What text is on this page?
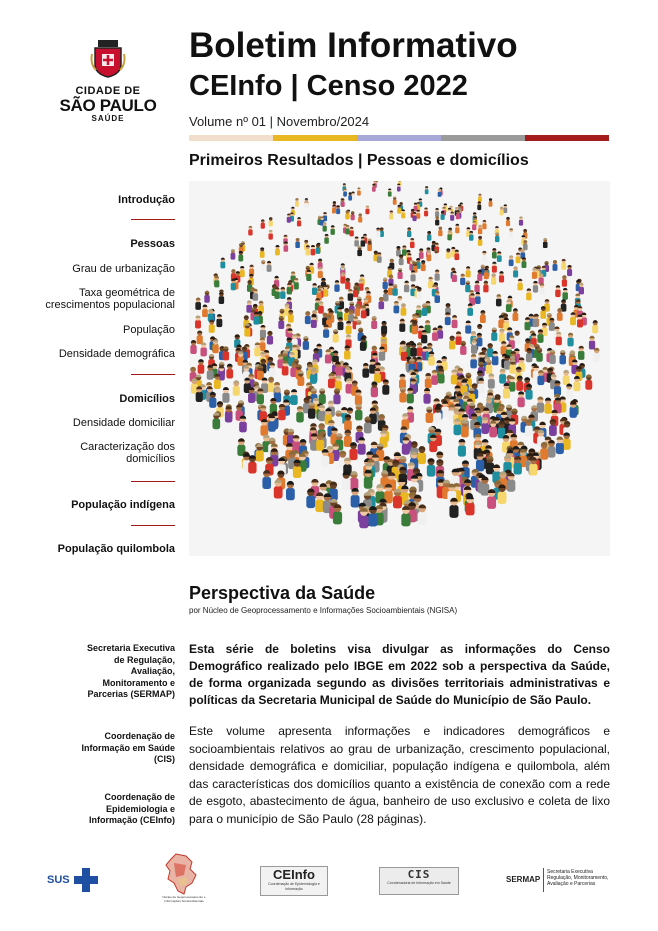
CIDADE DE
SÃO PAULO
SAÚDE
Boletim Informativo
CEInfo | Censo 2022
Volume nº 01 | Novembro/2024
Primeiros Resultados | Pessoas e domicílios
Introdução
Pessoas
Grau de urbanização
Taxa geométrica de
crescimentos populacional
População
Densidade demográfica
Domicílios
Densidade domiciliar
Caracterização dos
domicílios
População indígena
População quilombola
Secretaria Executiva
de Regulação,
Avaliação,
Monitoramento e
Parcerias (SERMAP)
Coordenação de
Informação em Saúde
(CIS)
Coordenação de
Epidemiologia e
Informação (CEInfo)
Perspectiva da Saúde
por Núcleo de Geoprocessamento e Informações Socioambientais (NGISA)
Esta série de boletins visa divulgar as informações do Censo Demográfico realizado pelo IBGE em 2022 sob a perspectiva da Saúde, de forma organizada segundo as divisões territoriais administrativas e políticas da Secretaria Municipal de Saúde do Município de São Paulo.
Este volume apresenta informações e indicadores demográficos e socioambientais relativos ao grau de urbanização, crescimento populacional, densidade demográfica e domiciliar, população indígena e quilombola, além das características dos domicílios quanto a existência de conexão com a rede de esgoto, abastecimento de água, banheiro de uso exclusivo e coleta de lixo para o município de São Paulo (28 páginas).
SUS
Núcleo de Geoprocessamento e Informações Socioambientais
CEInfo
Coordenação de Epidemiologia e Informação
CIS
Coordenadoria de Informação em Saúde	SERMAP
Secretaria Executiva Regulação, Monitoramento, Avaliação e Parcerias
